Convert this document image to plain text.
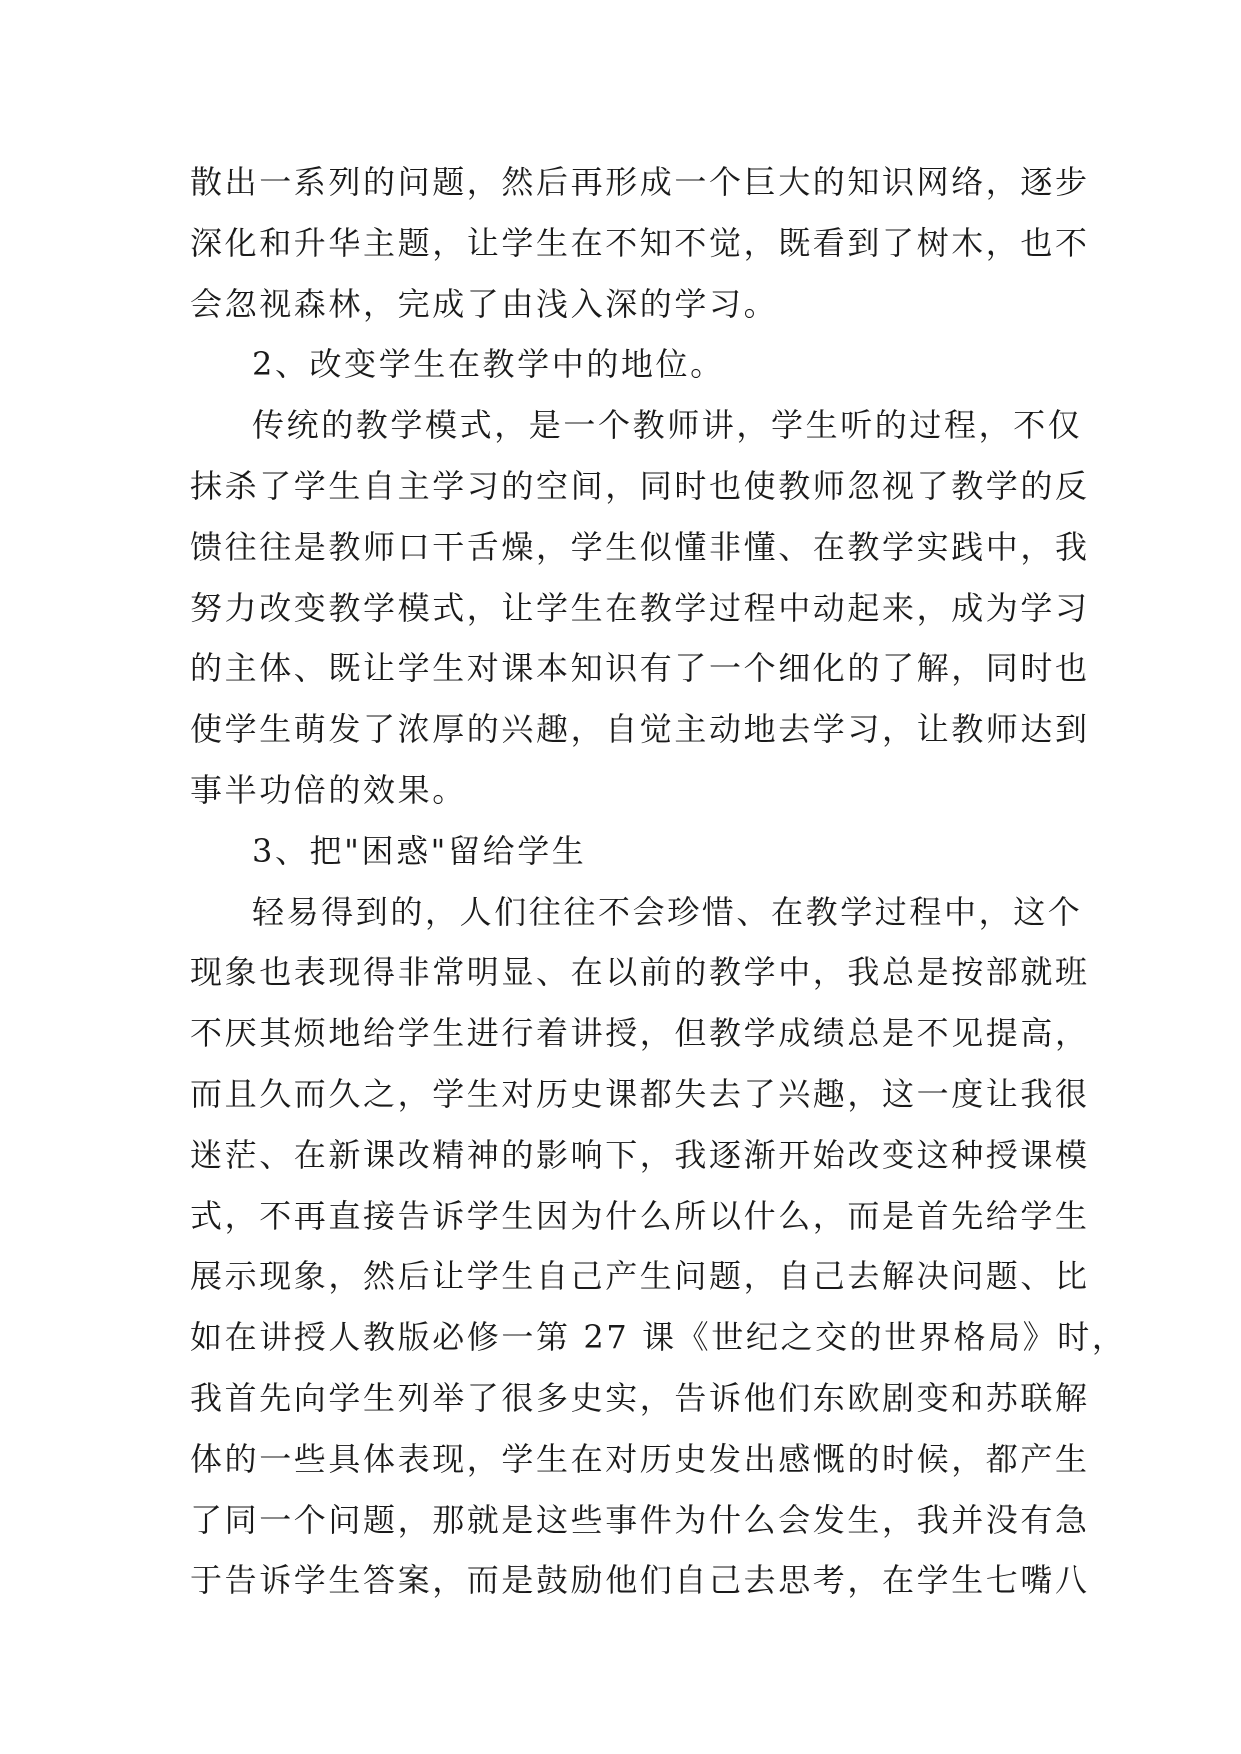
散出一系列的问题，然后再形成一个巨大的知识网络，逐步
深化和升华主题，让学生在不知不觉，既看到了树木，也不
会忽视森林，完成了由浅入深的学习。
2、改变学生在教学中的地位。
传统的教学模式，是一个教师讲，学生听的过程，不仅
抹杀了学生自主学习的空间，同时也使教师忽视了教学的反
馈往往是教师口干舌燥，学生似懂非懂、在教学实践中，我
努力改变教学模式，让学生在教学过程中动起来，成为学习
的主体、既让学生对课本知识有了一个细化的了解，同时也
使学生萌发了浓厚的兴趣，自觉主动地去学习，让教师达到
事半功倍的效果。
3、把"困惑"留给学生
轻易得到的，人们往往不会珍惜、在教学过程中，这个
现象也表现得非常明显、在以前的教学中，我总是按部就班
不厌其烦地给学生进行着讲授，但教学成绩总是不见提高，
而且久而久之，学生对历史课都失去了兴趣，这一度让我很
迷茫、在新课改精神的影响下，我逐渐开始改变这种授课模
式，不再直接告诉学生因为什么所以什么，而是首先给学生
展示现象，然后让学生自己产生问题，自己去解决问题、比
如在讲授人教版必修一第 27 课《世纪之交的世界格局》时，
我首先向学生列举了很多史实，告诉他们东欧剧变和苏联解
体的一些具体表现，学生在对历史发出感慨的时候，都产生
了同一个问题，那就是这些事件为什么会发生，我并没有急
于告诉学生答案，而是鼓励他们自己去思考，在学生七嘴八
